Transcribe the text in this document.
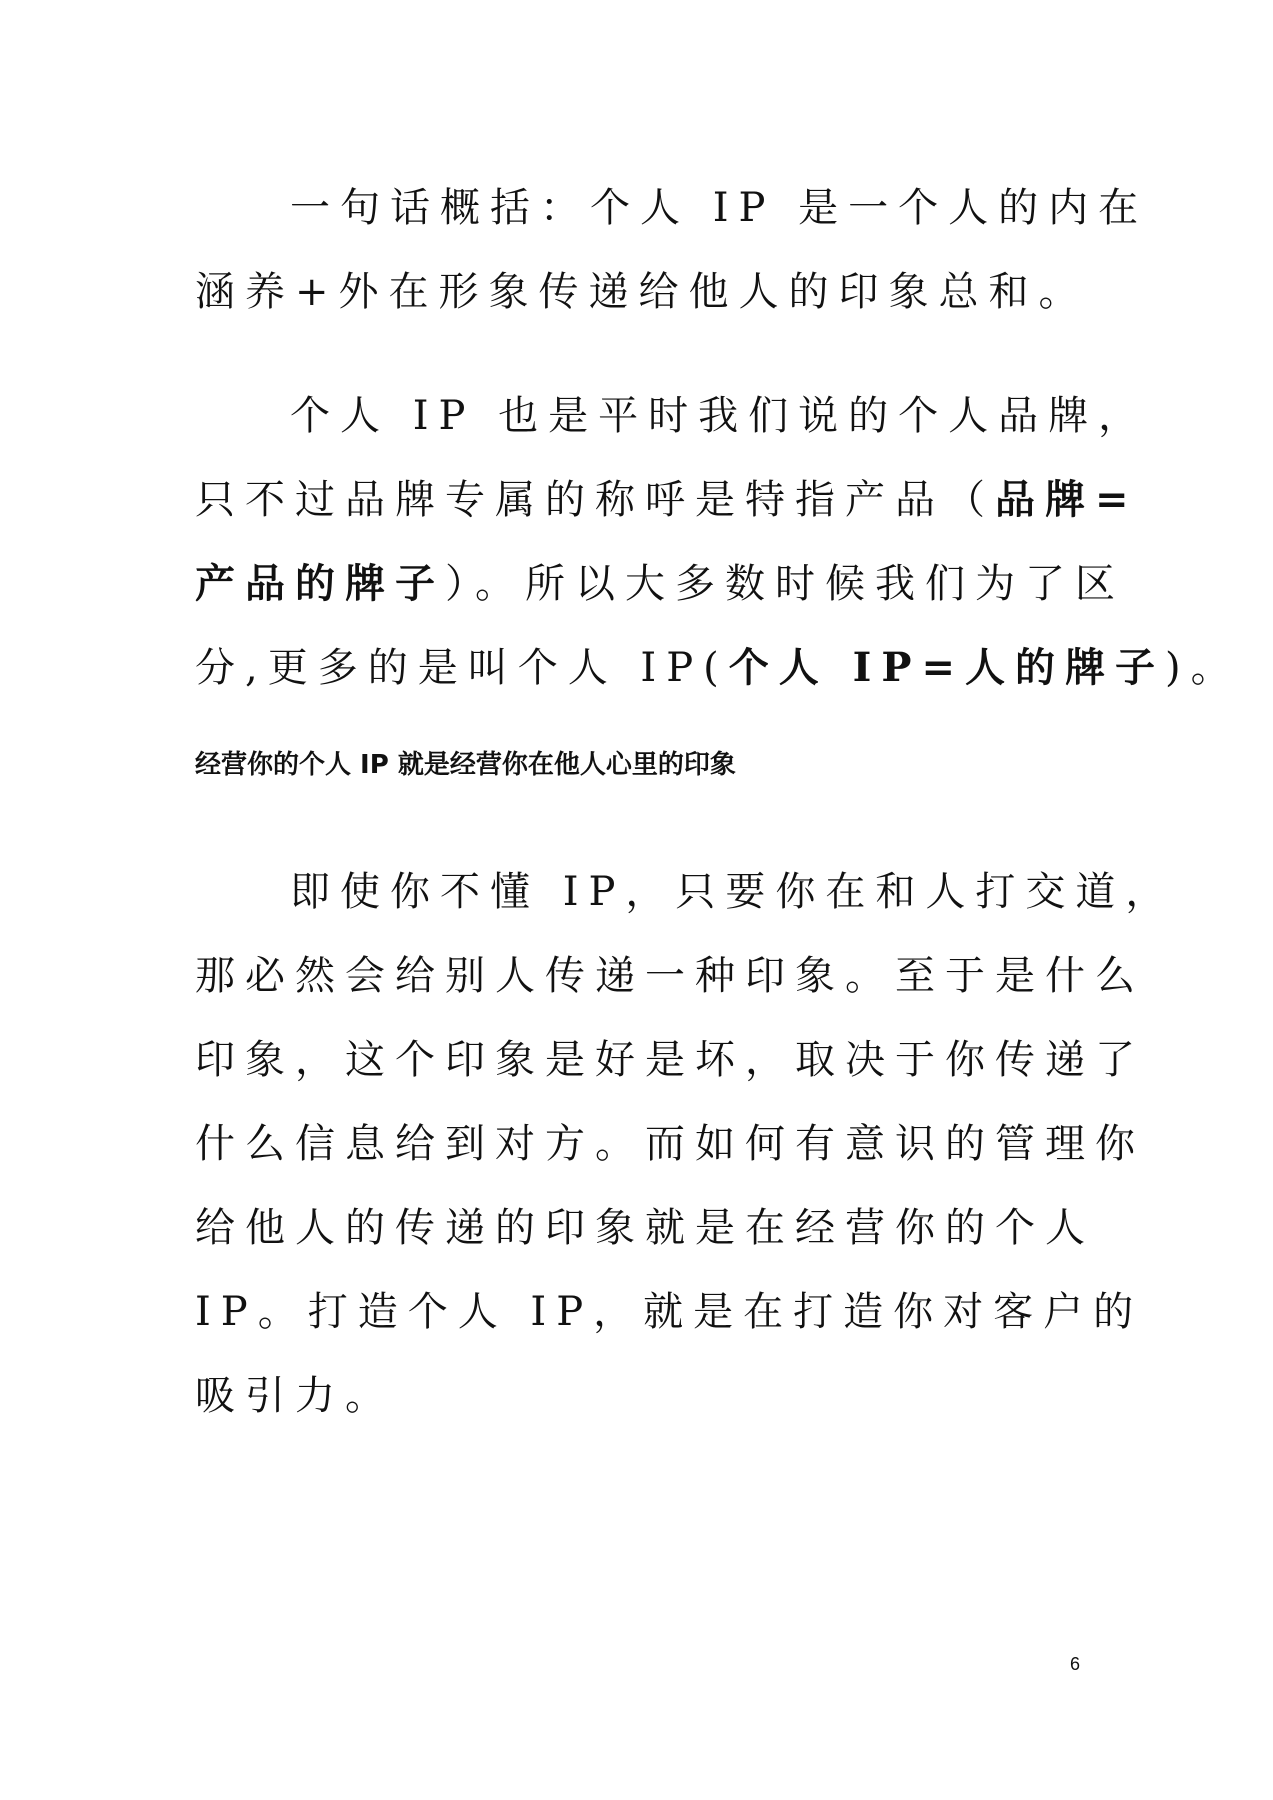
一句话概括：个人 IP 是一个人的内在
涵养+外在形象传递给他人的印象总和。
个人 IP 也是平时我们说的个人品牌，
只不过品牌专属的称呼是特指产品（品牌=
产品的牌子）。所以大多数时候我们为了区
分,更多的是叫个人 IP(个人 IP=人的牌子)。
经营你的个人 IP 就是经营你在他人心里的印象
即使你不懂 IP，只要你在和人打交道，
那必然会给别人传递一种印象。至于是什么
印象，这个印象是好是坏，取决于你传递了
什么信息给到对方。而如何有意识的管理你
给他人的传递的印象就是在经营你的个人
IP。打造个人 IP，就是在打造你对客户的
吸引力。
6
